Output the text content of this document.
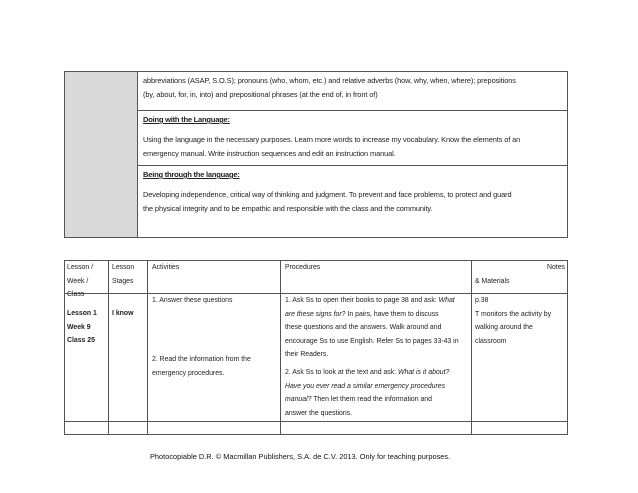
abbreviations (ASAP, S.O.S); pronouns (who, whom, etc.) and relative adverbs (how, why, when, where); prepositions
(by, about, for, in, into) and prepositional phrases (at the end of, in front of)
Doing with the Language:
Using the language in the necessary purposes. Learn more words to increase my vocabulary. Know the elements of an
emergency manual. Write instruction sequences and edit an instruction manual.
Being through the language:
Developing independence, critical way of thinking and judgment. To prevent and face problems, to protect and guard
the physical integrity and to be empathic and responsible with the class and the community.
Lesson /
Week /
Class
Lesson
Stages
Activities	Procedures	Notes
& Materials
Lesson 1
Week 9
Class 25
I know
1. Answer these questions
2. Read the information from the
emergency procedures.
1. Ask Ss to open their books to page 38 and ask: What
are these signs for? In pairs, have them to discuss
these questions and the answers. Walk around and
encourage Ss to use English. Refer Ss to pages 33-43 in
their Readers.
2. Ask Ss to look at the text and ask: What is it about?
Have you ever read a similar emergency procedures
manual? Then let them read the information and
answer the questions.
p.38
T monitors the activity by
walking around the
classroom
Photocopiable D.R. © Macmillan Publishers, S.A. de C.V. 2013. Only for teaching purposes.
